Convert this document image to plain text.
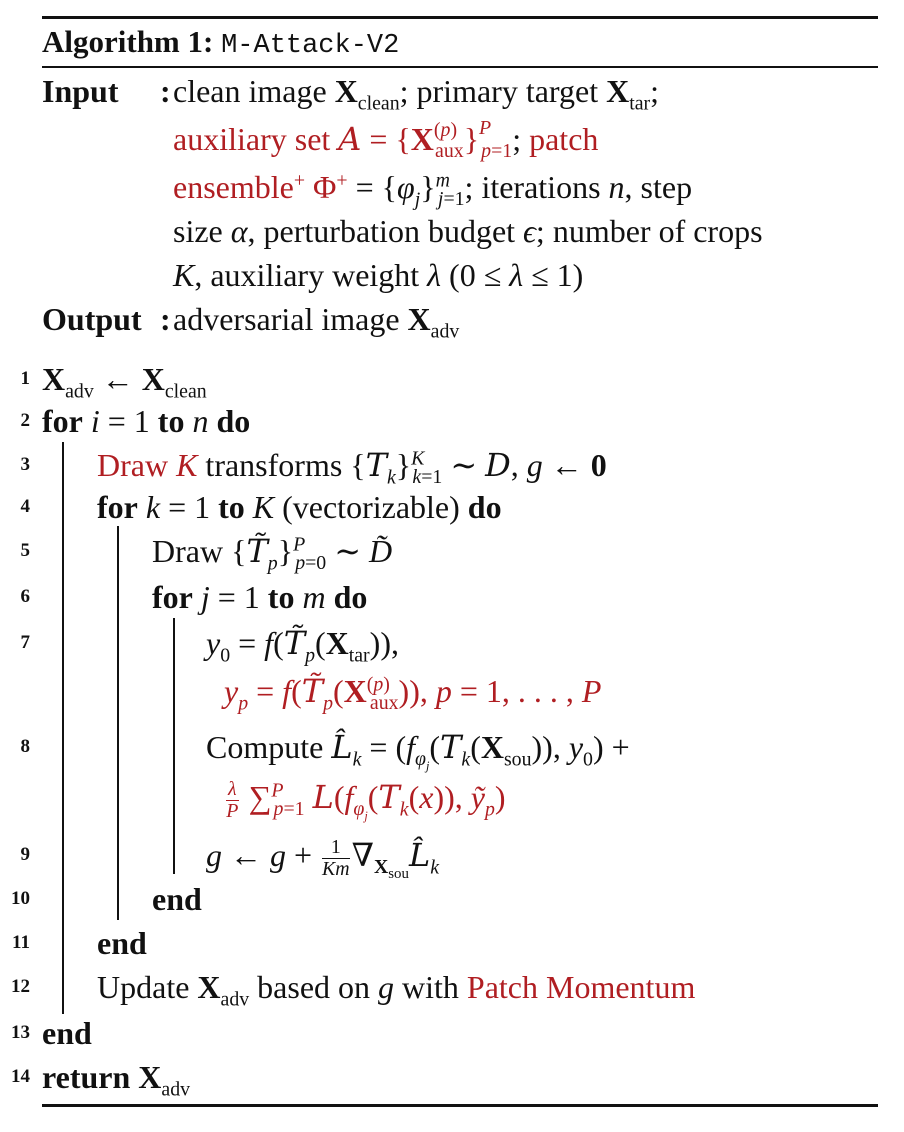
Algorithm 1: M-Attack-V2
Input : clean image $X_{clean}$; primary target $X_{tar}$;
auxiliary set $A = \{X^{(p)}_{aux}\}^P_{p=1}$; patch
ensemble+ $\Phi^+ = \{\varphi_j\}^m_{j=1}$; iterations n, step
size α, perturbation budget ϵ; number of crops
K, auxiliary weight λ (0 ≤ λ ≤ 1)
Output : adversarial image $X_{adv}$
1 $X_{adv}$ ← $X_{clean}$
2 for i = 1 to n do
3 Draw K transforms $\{T_k\}^K_{k=1}$ ∼ D, g ← 0
4 for k = 1 to K (vectorizable) do
5	Draw $\{T̃_p\}^P_{p=0}$ ∼ D̃
6	for j = 1 to m do
7	$y_0$ = $f(T̃_p(X_{tar}))$,
$y_p$ = $f(T̃_p(X^{(p)}_{aux}))$, p = 1, . . . , P
8	Compute $L̂_k = (f_{\varphi_j}(T_k(X_{sou}))$, $y_0$) +
$\frac{\lambda}{P} \sum^P_{p=1}$ $L(f_{\varphi_j}(T_k(x))$, ỹ$_p$)
9	g ← $g + \frac{1}{Km}$ $\nabla_{X_{sou}}L̂_k$
10	end
11 end
12 Update $X_{adv}$ based on g with Patch Momentum
13 end
14 return $X_{adv}$
